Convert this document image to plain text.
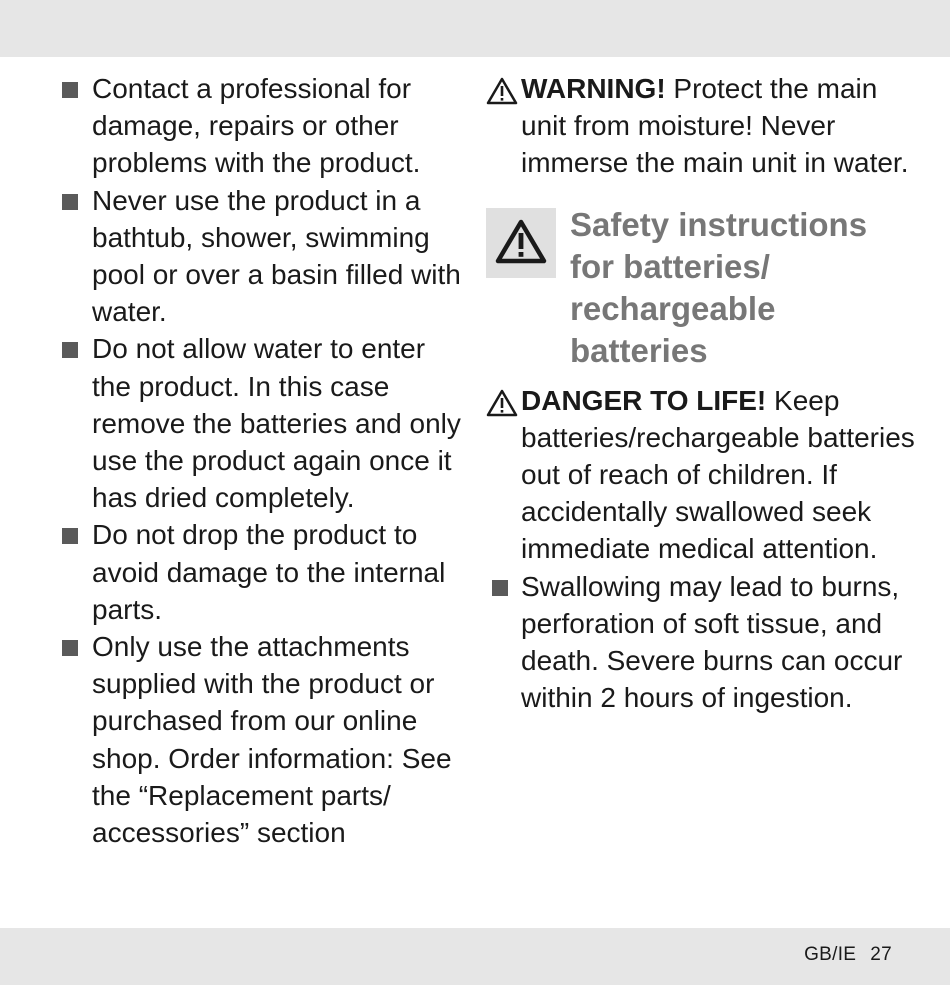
Contact a professional for damage, repairs or other problems with the product.
Never use the product in a bathtub, shower, swimming pool or over a basin filled with water.
Do not allow water to enter the product. In this case remove the batteries and only use the product again once it has dried completely.
Do not drop the product to avoid damage to the internal parts.
Only use the attachments supplied with the product or purchased from our online shop. Order information: See the “Replacement parts/ accessories” section
WARNING! Protect the main unit from moisture! Never immerse the main unit in water.
Safety instructions for batteries/ rechargeable batteries
DANGER TO LIFE! Keep batteries/rechargeable batteries out of reach of children. If accidentally swallowed seek immediate medical attention.
Swallowing may lead to burns, perforation of soft tissue, and death. Severe burns can occur within 2 hours of ingestion.
GB/IE 27
